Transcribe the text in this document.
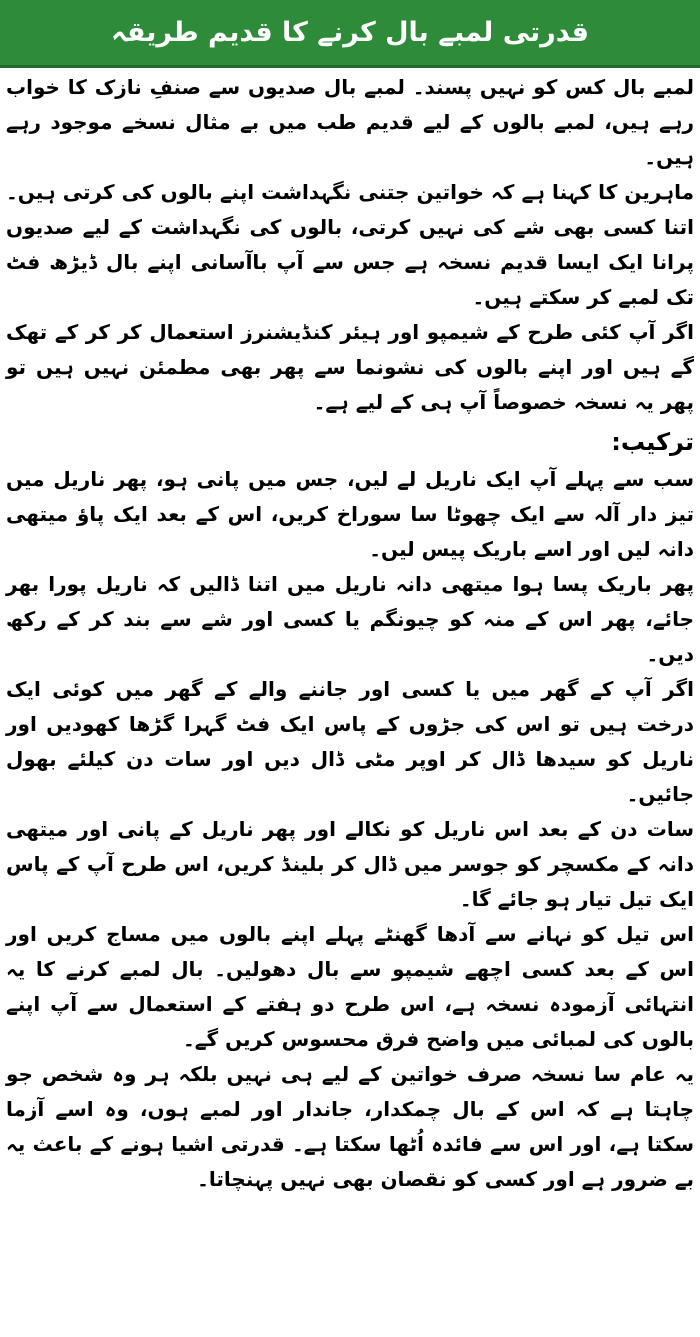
قدرتی لمبے بال کرنے کا قدیم طریقہ

لمبے بال کس کو نہیں پسند۔ لمبے بال صدیوں سے صنفِ نازک کا خواب رہے ہیں، لمبے بالوں کے لیے قدیم طب میں بے مثال نسخے موجود رہے ہیں۔

ماہرین کا کہنا ہے کہ خواتین جتنی نگہداشت اپنے بالوں کی کرتی ہیں۔ اتنا کسی بھی شے کی نہیں کرتی، بالوں کی نگہداشت کے لیے صدیوں پرانا ایک ایسا قدیم نسخہ ہے جس سے آپ باآسانی اپنے بال ڈیڑھ فٹ تک لمبے کر سکتے ہیں۔

اگر آپ کئی طرح کے شیمپو اور ہیئر کنڈیشنرز استعمال کر کر کے تھک گے ہیں اور اپنے بالوں کی نشونما سے پھر بھی مطمئن نہیں ہیں تو پھر یہ نسخہ خصوصاً آپ ہی کے لیے ہے۔

ترکیب:

سب سے پہلے آپ ایک ناریل لے لیں، جس میں پانی ہو، پھر ناریل میں تیز دار آلہ سے ایک چھوٹا سا سوراخ کریں، اس کے بعد ایک پاؤ میتھی دانہ لیں اور اسے باریک پیس لیں۔

پھر باریک پسا ہوا میتھی دانہ ناریل میں اتنا ڈالیں کہ ناریل پورا بھر جائے، پھر اس کے منہ کو چیونگم یا کسی اور شے سے بند کر کے رکھ دیں۔

اگر آپ کے گھر میں یا کسی اور جاننے والے کے گھر میں کوئی ایک درخت ہیں تو اس کی جڑوں کے پاس ایک فٹ گہرا گڑھا کھودیں اور ناریل کو سیدھا ڈال کر اوپر مٹی ڈال دیں اور سات دن کیلئے بھول جائیں۔

سات دن کے بعد اس ناریل کو نکالے اور پھر ناریل کے پانی اور میتھی دانہ کے مکسچر کو جوسر میں ڈال کر بلینڈ کریں، اس طرح آپ کے پاس ایک تیل تیار ہو جائے گا۔

اس تیل کو نہانے سے آدھا گھنٹے پہلے اپنے بالوں میں مساج کریں اور اس کے بعد کسی اچھے شیمپو سے بال دھولیں۔ بال لمبے کرنے کا یہ انتہائی آزمودہ نسخہ ہے، اس طرح دو ہفتے کے استعمال سے آپ اپنے بالوں کی لمبائی میں واضح فرق محسوس کریں گے۔

یہ عام سا نسخہ صرف خواتین کے لیے ہی نہیں بلکہ ہر وہ شخص جو چاہتا ہے کہ اس کے بال چمکدار، جاندار اور لمبے ہوں، وہ اسے آزما سکتا ہے، اور اس سے فائدہ اُٹھا سکتا ہے۔ قدرتی اشیا ہونے کے باعث یہ بے ضرور ہے اور کسی کو نقصان بھی نہیں پہنچاتا۔
